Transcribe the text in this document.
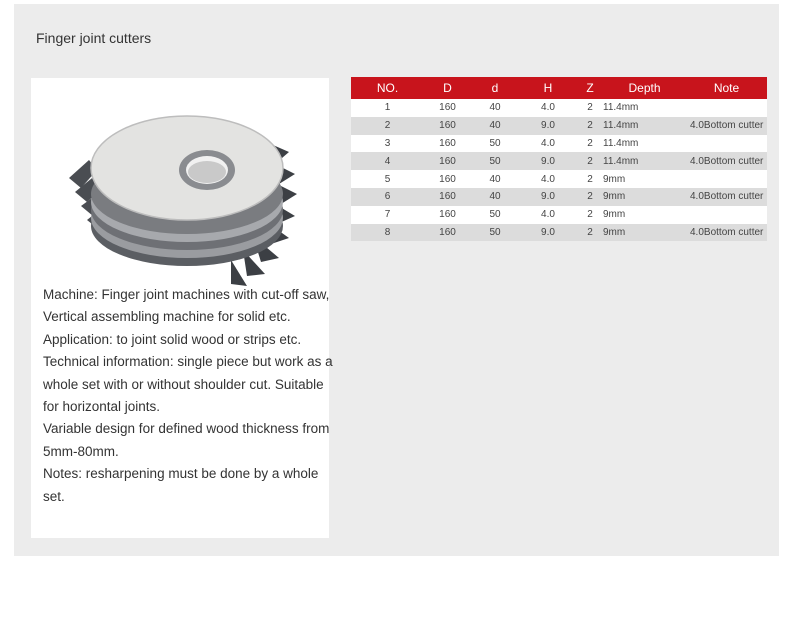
Finger joint cutters

Machine: Finger joint machines with cut-off saw, Vertical assembling machine for solid etc.

Application: to joint solid wood or strips etc.

Technical information: single piece but work as a whole set with or without shoulder cut. Suitable for horizontal joints.

Variable design for defined wood thickness from 5mm-80mm.

Notes: resharpening must be done by a whole set.

NO.	D	d	H	Z	Depth	Note
1	160	40	4.0	2	11.4mm	
2	160	40	9.0	2	11.4mm	4.0Bottom cutter
3	160	50	4.0	2	11.4mm	
4	160	50	9.0	2	11.4mm	4.0Bottom cutter
5	160	40	4.0	2	9mm	
6	160	40	9.0	2	9mm	4.0Bottom cutter
7	160	50	4.0	2	9mm	
8	160	50	9.0	2	9mm	4.0Bottom cutter
